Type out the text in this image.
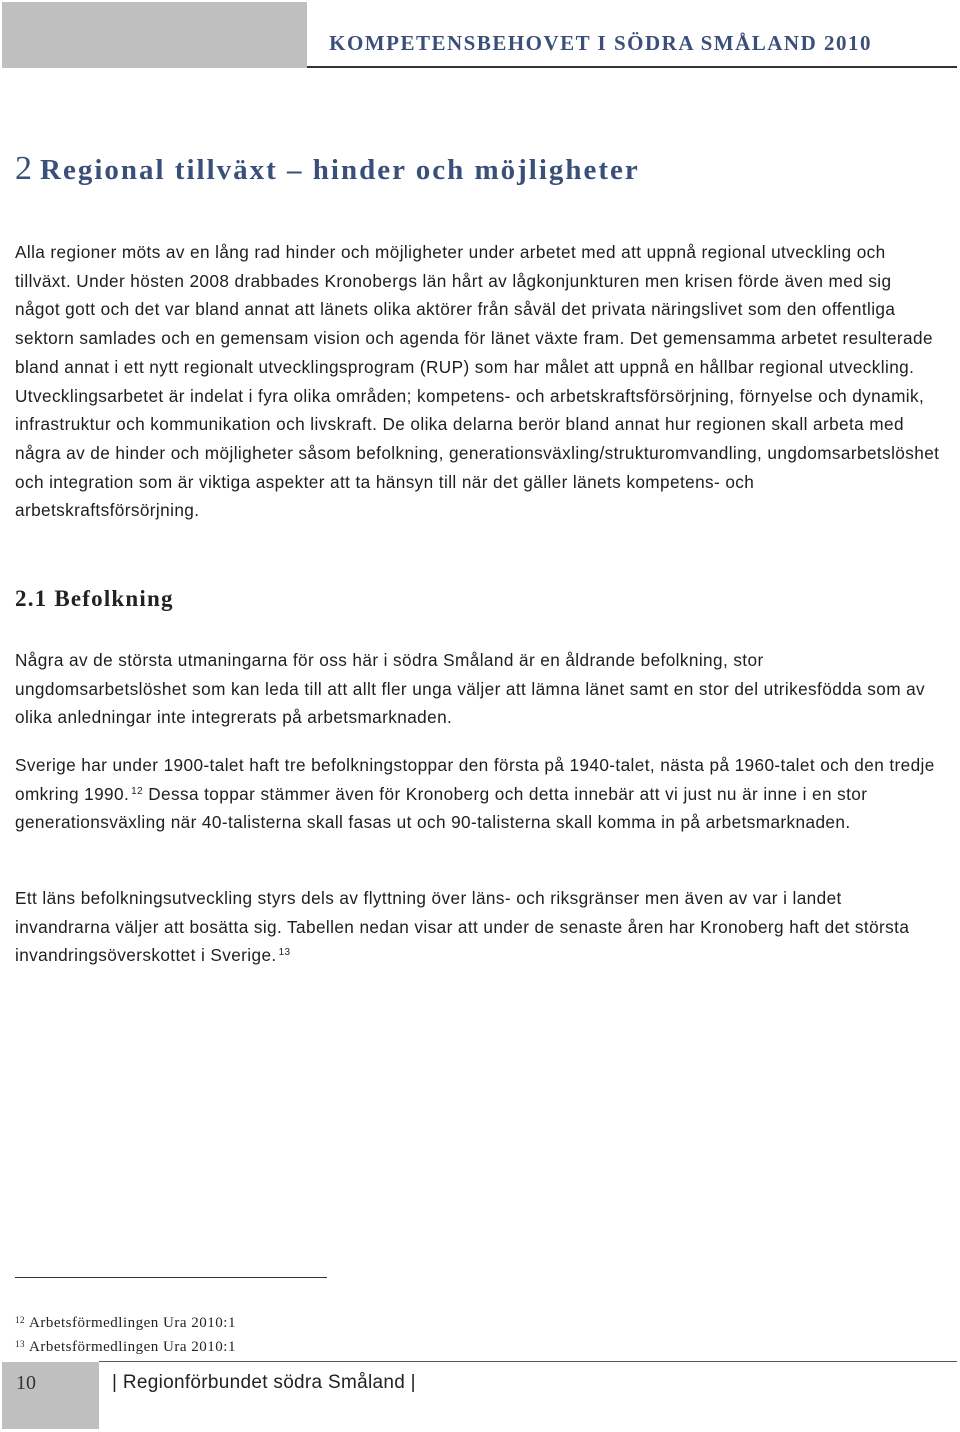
KOMPETENSBEHOVET I SÖDRA SMÅLAND 2010
2 Regional tillväxt – hinder och möjligheter

Alla regioner möts av en lång rad hinder och möjligheter under arbetet med att uppnå regional utveckling och tillväxt. Under hösten 2008 drabbades Kronobergs län hårt av lågkonjunkturen men krisen förde även med sig något gott och det var bland annat att länets olika aktörer från såväl det privata näringslivet som den offentliga sektorn samlades och en gemensam vision och agenda för länet växte fram. Det gemensamma arbetet resulterade bland annat i ett nytt regionalt utvecklingsprogram (RUP) som har målet att uppnå en hållbar regional utveckling. Utvecklingsarbetet är indelat i fyra olika områden; kompetens- och arbetskraftsförsörjning, förnyelse och dynamik, infrastruktur och kommunikation och livskraft. De olika delarna berör bland annat hur regionen skall arbeta med några av de hinder och möjligheter såsom befolkning, generationsväxling/strukturomvandling, ungdomsarbetslöshet och integration som är viktiga aspekter att ta hänsyn till när det gäller länets kompetens- och arbetskraftsförsörjning.

2.1 Befolkning

Några av de största utmaningarna för oss här i södra Småland är en åldrande befolkning, stor ungdomsarbetslöshet som kan leda till att allt fler unga väljer att lämna länet samt en stor del utrikesfödda som av olika anledningar inte integrerats på arbetsmarknaden.

Sverige har under 1900-talet haft tre befolkningstoppar den första på 1940-talet, nästa på 1960-talet och den tredje omkring 1990. $^{12}$ Dessa toppar stämmer även för Kronoberg och detta innebär att vi just nu är inne i en stor generationsväxling när 40-talisterna skall fasas ut och 90-talisterna skall komma in på arbetsmarknaden.

Ett läns befolkningsutveckling styrs dels av flyttning över läns- och riksgränser men även av var i landet invandrarna väljer att bosätta sig. Tabellen nedan visar att under de senaste åren har Kronoberg haft det största invandringsöverskottet i Sverige. $^{13}$

$^{12}$ Arbetsförmedlingen Ura 2010:1

$^{13}$ Arbetsförmedlingen Ura 2010:1

10	| Regionförbundet södra Småland |
